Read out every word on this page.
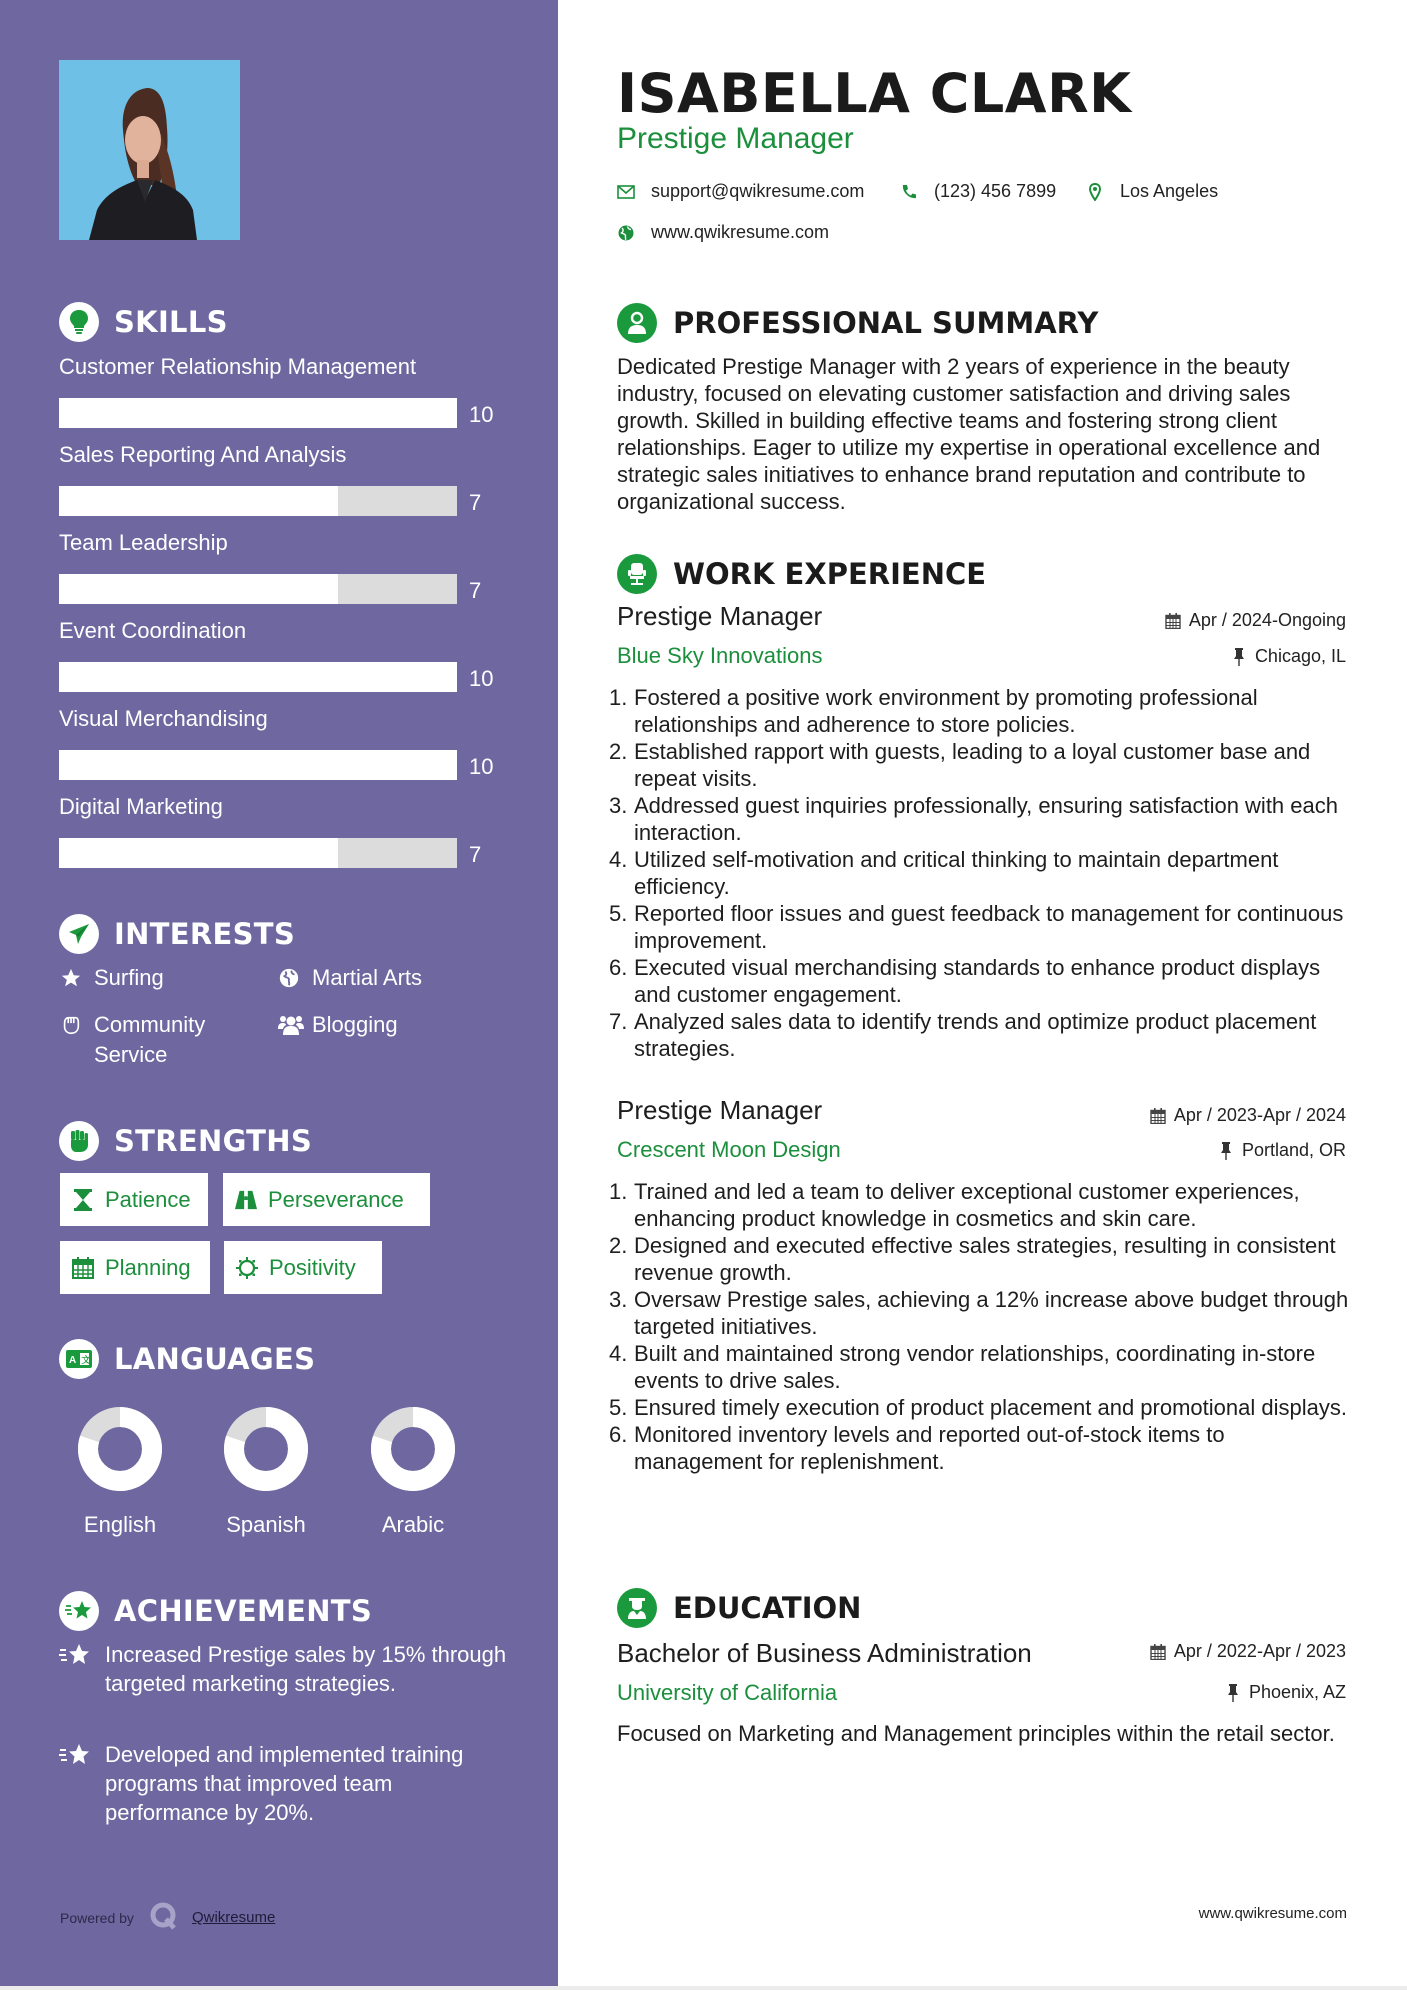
SKILLS
Customer Relationship Management
10
Sales Reporting And Analysis
7
Team Leadership
7
Event Coordination
10
Visual Merchandising
10
Digital Marketing
7
INTERESTS
Surfing	Martial Arts
Community
Service
Blogging
STRENGTHS
Patience	Perseverance
Planning	Positivity
A 文 LANGUAGES
English	Spanish	Arabic
ACHIEVEMENTS
Increased Prestige sales by 15% through targeted marketing strategies.
Developed and implemented training programs that improved team performance by 20%.
Powered by	Qwikresume
ISABELLA CLARK
Prestige Manager
support@qwikresume.com	(123) 456 7899	Los Angeles
www.qwikresume.com
PROFESSIONAL SUMMARY
Dedicated Prestige Manager with 2 years of experience in the beauty industry, focused on elevating customer satisfaction and driving sales growth. Skilled in building effective teams and fostering strong client relationships. Eager to utilize my expertise in operational excellence and strategic sales initiatives to enhance brand reputation and contribute to organizational success.
WORK EXPERIENCE
Prestige Manager	Apr / 2024-Ongoing
Blue Sky Innovations	Chicago, IL
1. Fostered a positive work environment by promoting professional relationships and adherence to store policies.
2. Established rapport with guests, leading to a loyal customer base and repeat visits.
3. Addressed guest inquiries professionally, ensuring satisfaction with each interaction.
4. Utilized self-motivation and critical thinking to maintain department efficiency.
5. Reported floor issues and guest feedback to management for continuous improvement.
6. Executed visual merchandising standards to enhance product displays and customer engagement.
7. Analyzed sales data to identify trends and optimize product placement strategies.
Prestige Manager	Apr / 2023-Apr / 2024
Crescent Moon Design	Portland, OR
1. Trained and led a team to deliver exceptional customer experiences, enhancing product knowledge in cosmetics and skin care.
2. Designed and executed effective sales strategies, resulting in consistent revenue growth.
3. Oversaw Prestige sales, achieving a 12% increase above budget through targeted initiatives.
4. Built and maintained strong vendor relationships, coordinating in-store events to drive sales.
5. Ensured timely execution of product placement and promotional displays.
6. Monitored inventory levels and reported out-of-stock items to management for replenishment.
EDUCATION
Bachelor of Business Administration	Apr / 2022-Apr / 2023
University of California	Phoenix, AZ
Focused on Marketing and Management principles within the retail sector.
www.qwikresume.com
